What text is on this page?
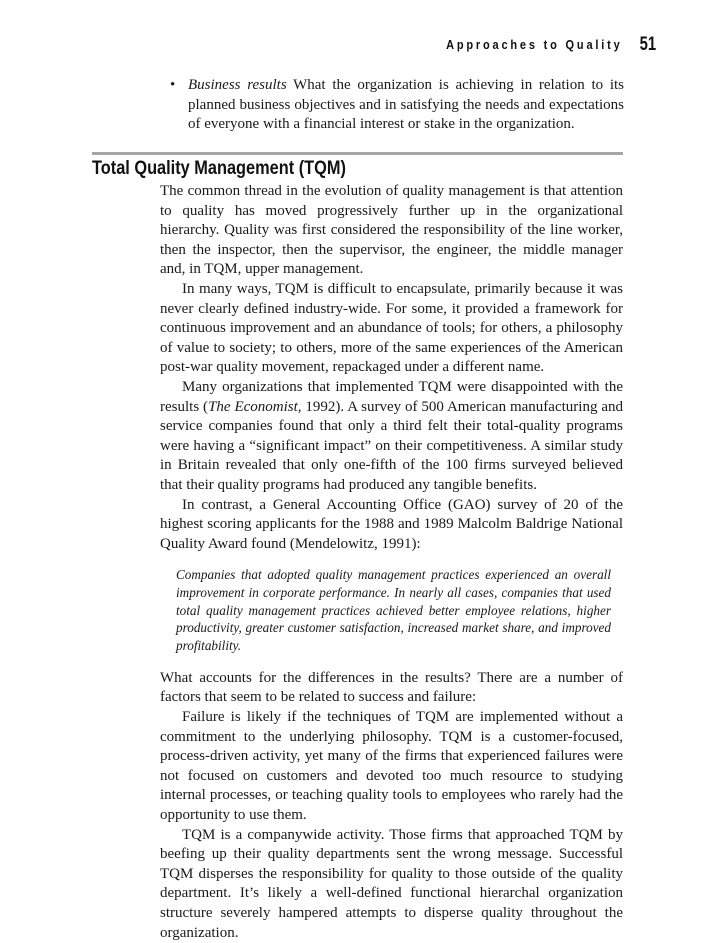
Approaches to Quality 51
• Business results What the organization is achieving in relation to its planned business objectives and in satisfying the needs and expectations of everyone with a financial interest or stake in the organization.
Total Quality Management (TQM)

The common thread in the evolution of quality management is that attention to quality has moved progressively further up in the organizational hierarchy. Quality was first considered the responsibility of the line worker, then the inspector, then the supervisor, the engineer, the middle manager and, in TQM, upper management.

In many ways, TQM is difficult to encapsulate, primarily because it was never clearly defined industry-wide. For some, it provided a framework for continuous improvement and an abundance of tools; for others, a philosophy of value to society; to others, more of the same experiences of the American post-war quality movement, repackaged under a different name.

Many organizations that implemented TQM were disappointed with the results (The Economist, 1992). A survey of 500 American manufacturing and service companies found that only a third felt their total-quality programs were having a “significant impact” on their competitiveness. A similar study in Britain revealed that only one-fifth of the 100 firms surveyed believed that their quality programs had produced any tangible benefits.

In contrast, a General Accounting Office (GAO) survey of 20 of the highest scoring applicants for the 1988 and 1989 Malcolm Baldrige National Quality Award found (Mendelowitz, 1991):

Companies that adopted quality management practices experienced an overall improvement in corporate performance. In nearly all cases, companies that used total quality management practices achieved better employee relations, higher productivity, greater customer satisfaction, increased market share, and improved profitability.

What accounts for the differences in the results? There are a number of factors that seem to be related to success and failure:

Failure is likely if the techniques of TQM are implemented without a commitment to the underlying philosophy. TQM is a customer-focused, process-driven activity, yet many of the firms that experienced failures were not focused on customers and devoted too much resource to studying internal processes, or teaching quality tools to employees who rarely had the opportunity to use them.

TQM is a companywide activity. Those firms that approached TQM by beefing up their quality departments sent the wrong message. Successful TQM disperses the responsibility for quality to those outside of the quality department. It’s likely a well-defined functional hierarchal organization structure severely hampered attempts to disperse quality throughout the organization.
